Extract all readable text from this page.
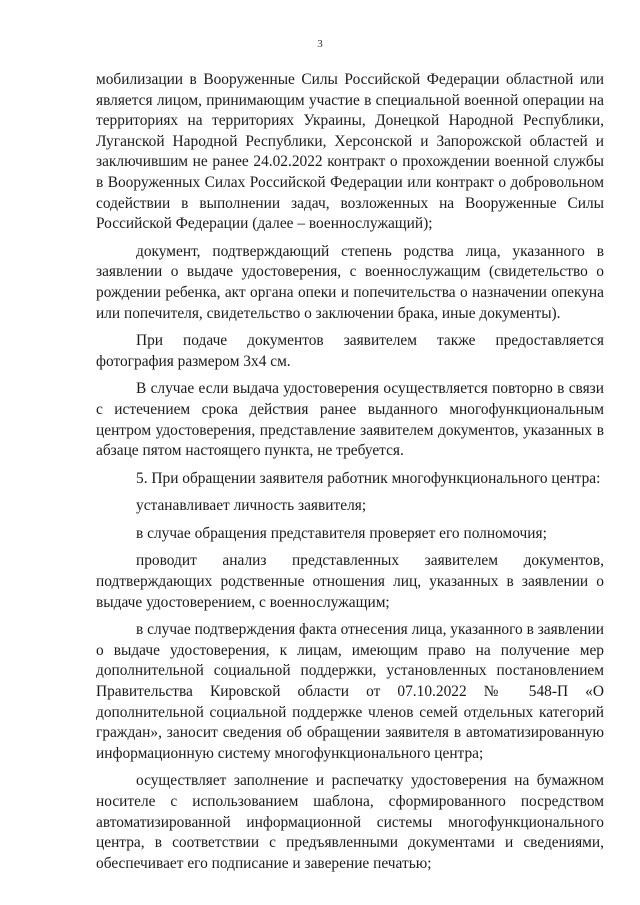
3

мобилизации в Вооруженные Силы Российской Федерации областной или является лицом, принимающим участие в специальной военной операции на территориях на территориях Украины, Донецкой Народной Республики, Луганской Народной Республики, Херсонской и Запорожской областей и заключившим не ранее 24.02.2022 контракт о прохождении военной службы в Вооруженных Силах Российской Федерации или контракт о добровольном содействии в выполнении задач, возложенных на Вооруженные Силы Российской Федерации (далее – военнослужащий);

документ, подтверждающий степень родства лица, указанного в заявлении о выдаче удостоверения, с военнослужащим (свидетельство о рождении ребенка, акт органа опеки и попечительства о назначении опекуна или попечителя, свидетельство о заключении брака, иные документы).

При подаче документов заявителем также предоставляется фотография размером 3х4 см.

В случае если выдача удостоверения осуществляется повторно в связи с истечением срока действия ранее выданного многофункциональным центром удостоверения, представление заявителем документов, указанных в абзаце пятом настоящего пункта, не требуется.

5. При обращении заявителя работник многофункционального центра:

устанавливает личность заявителя;

в случае обращения представителя проверяет его полномочия;

проводит анализ представленных заявителем документов, подтверждающих родственные отношения лиц, указанных в заявлении о выдаче удостоверением, с военнослужащим;

в случае подтверждения факта отнесения лица, указанного в заявлении о выдаче удостоверения, к лицам, имеющим право на получение мер дополнительной социальной поддержки, установленных постановлением Правительства Кировской области от 07.10.2022 № 548-П «О дополнительной социальной поддержке членов семей отдельных категорий граждан», заносит сведения об обращении заявителя в автоматизированную информационную систему многофункционального центра;

осуществляет заполнение и распечатку удостоверения на бумажном носителе с использованием шаблона, сформированного посредством автоматизированной информационной системы многофункционального центра, в соответствии с предъявленными документами и сведениями, обеспечивает его подписание и заверение печатью;
